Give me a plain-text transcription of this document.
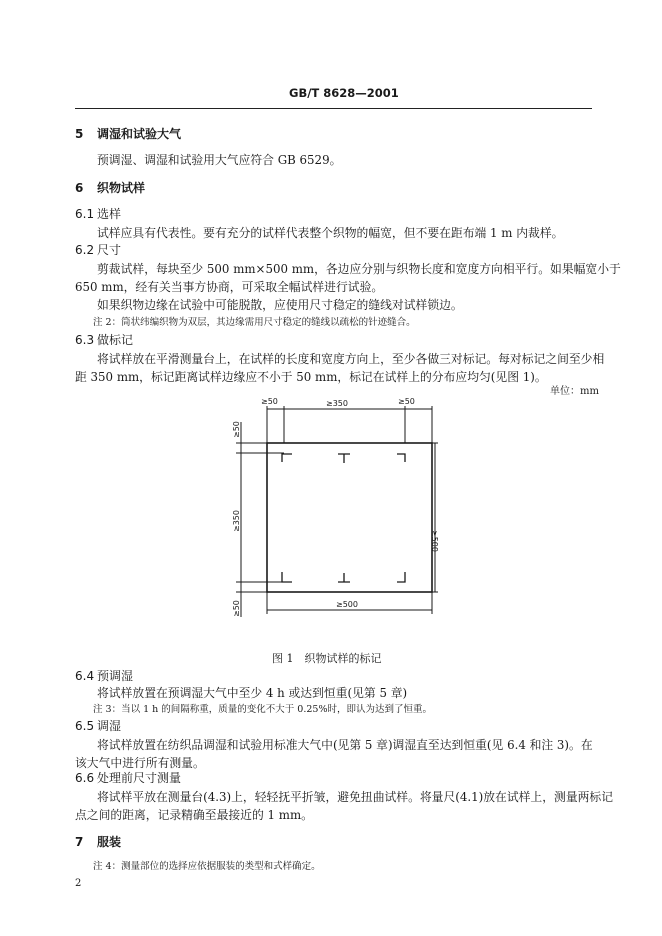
GB/T 8628—2001
5 调湿和试验大气
预调湿、调湿和试验用大气应符合 GB 6529。
6 织物试样
6.1 选样
试样应具有代表性。要有充分的试样代表整个织物的幅宽，但不要在距布端 1 m 内裁样。
6.2 尺寸
剪裁试样，每块至少 500 mm×500 mm，各边应分别与织物长度和宽度方向相平行。如果幅宽小于
650 mm，经有关当事方协商，可采取全幅试样进行试验。
如果织物边缘在试验中可能脱散，应使用尺寸稳定的缝线对试样锁边。
注 2：筒状纬编织物为双层，其边缘需用尺寸稳定的缝线以疏松的针迹缝合。
6.3 做标记
将试样放在平滑测量台上，在试样的长度和宽度方向上，至少各做三对标记。每对标记之间至少相
距 350 mm，标记距离试样边缘应不小于 50 mm，标记在试样上的分布应均匀(见图 1)。
单位：mm
≥50	≥350	≥50
≥50
≥350
≥50
≥500
≥500
图 1　织物试样的标记
6.4 预调湿
将试样放置在预调湿大气中至少 4 h 或达到恒重(见第 5 章)
注 3：当以 1 h 的间隔称重，质量的变化不大于 0.25%时，即认为达到了恒重。
6.5 调湿
将试样放置在纺织品调湿和试验用标准大气中(见第 5 章)调湿直至达到恒重(见 6.4 和注 3)。在
该大气中进行所有测量。
6.6 处理前尺寸测量
将试样平放在测量台(4.3)上，轻轻抚平折皱，避免扭曲试样。将量尺(4.1)放在试样上，测量两标记
点之间的距离，记录精确至最接近的 1 mm。
7 服装
注 4：测量部位的选择应依据服装的类型和式样确定。
2
